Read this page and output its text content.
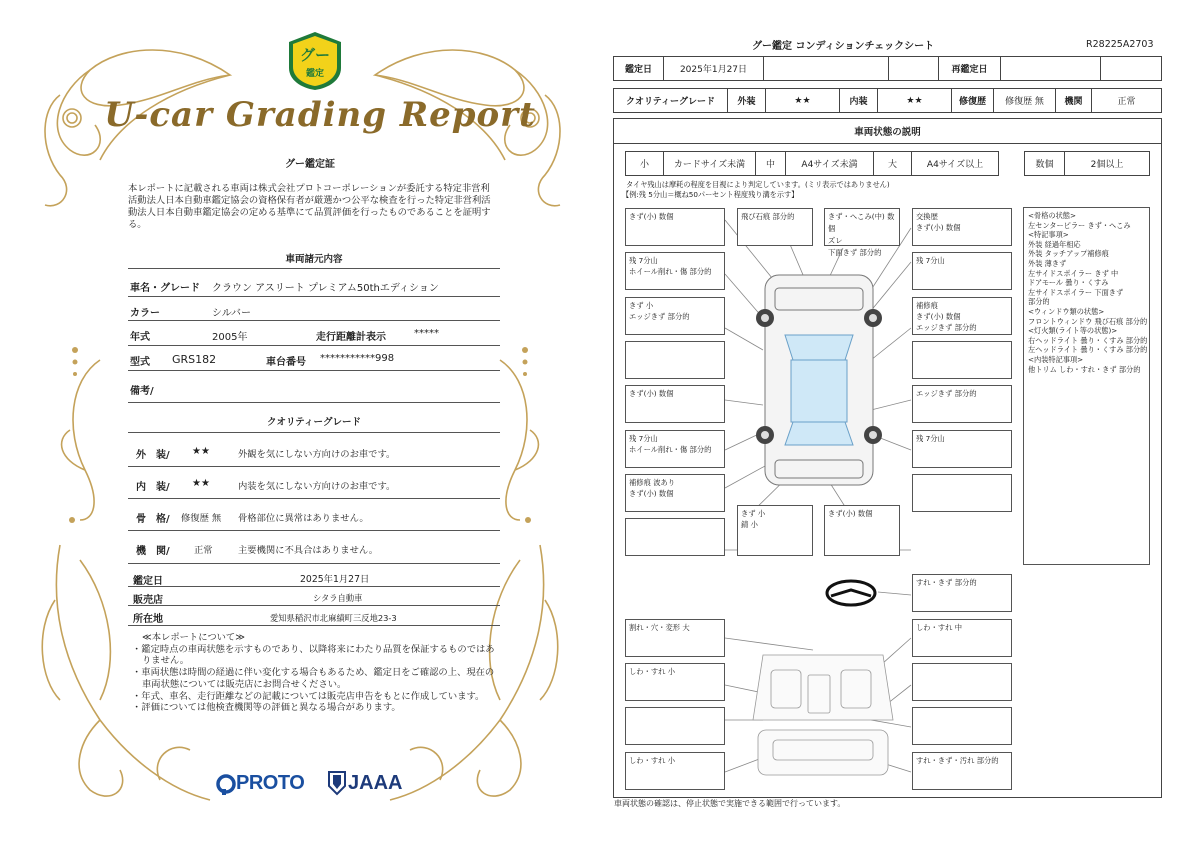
グー
鑑定
U-car Grading Report
グー鑑定証
本レポートに記載される車両は株式会社プロトコーポレーションが委託する特定非営利活動法人日本自動車鑑定協会の資格保有者が厳選かつ公平な検査を行った特定非営利活動法人日本自動車鑑定協会の定める基準にて品質評価を行ったものであることを証明する。
車両諸元内容
車名・グレード クラウン アスリート プレミアム50thエディション
カラー	シルバー
年式	2005年	走行距離計表示	*****
型式 GRS182	車台番号 ***********998
備考/
クオリティーグレード
外　装/ ★★	外観を気にしない方向けのお車です。
内　装/ ★★	内装を気にしない方向けのお車です。
骨　格/ 修復歴 無 骨格部位に異常はありません。
機　関/	正常	主要機関に不具合はありません。
鑑定日	2025年1月27日
販売店	シタラ自動車
所在地	愛知県稲沢市北麻績町三反地23-3
≪本レポートについて≫
・鑑定時点の車両状態を示すものであり、以降将来にわたり品質を保証するものではありません。
・車両状態は時間の経過に伴い変化する場合もあるため、鑑定日をご確認の上、現在の車両状態については販売店にお問合せください。
・年式、車名、走行距離などの記載については販売店申告をもとに作成しています。
・評価については他検査機関等の評価と異なる場合があります。
PROTO JAAA
グー鑑定 コンディションチェックシート	R28225A2703
鑑定日	2025年1月27日	再鑑定日
クオリティーグレード	外装	★★	内装	★★	修復歴	修復歴 無	機関	正常
車両状態の説明
小	カードサイズ未満	中	A4サイズ未満	大	A4サイズ以上	数個	2個以上
タイヤ残山は摩耗の程度を目視により判定しています。(ミリ表示ではありません)
【例:残 5分山＝概ね50パーセント程度残り溝を示す】
きず(小) 数個	飛び石痕 部分的	きず・へこみ(中) 数個
ズレ
下面きず 部分的
交換歴
きず(小) 数個
残 7分山
ホイール削れ・傷 部分的
残 7分山
きず 小
エッジきず 部分的
補修痕
きず(小) 数個
エッジきず 部分的
きず(小) 数個	エッジきず 部分的
残 7分山
ホイール削れ・傷 部分的
残 7分山
補修痕 波あり
きず(小) 数個
きず 小
錆 小
きず(小) 数個
すれ・きず 部分的
割れ・穴・変形 大	しわ・すれ 中
しわ・すれ 小
しわ・すれ 小	すれ・きず・汚れ 部分的
<骨格の状態>
左センターピラー きず・へこみ
<特記事項>
外装 経過年相応
外装 タッチアップ補修痕
外装 薄きず
左サイドスポイラー きず 中
ドアモール 曇り・くすみ
左サイドスポイラー 下面きず
部分的
<ウィンドウ類の状態>
フロントウィンドウ 飛び石痕 部分的
<灯火類(ライト等の状態)>
右ヘッドライト 曇り・くすみ 部分的
左ヘッドライト 曇り・くすみ 部分的
<内装特記事項>
他トリム しわ・すれ・きず 部分的
車両状態の確認は、停止状態で実施できる範囲で行っています。
